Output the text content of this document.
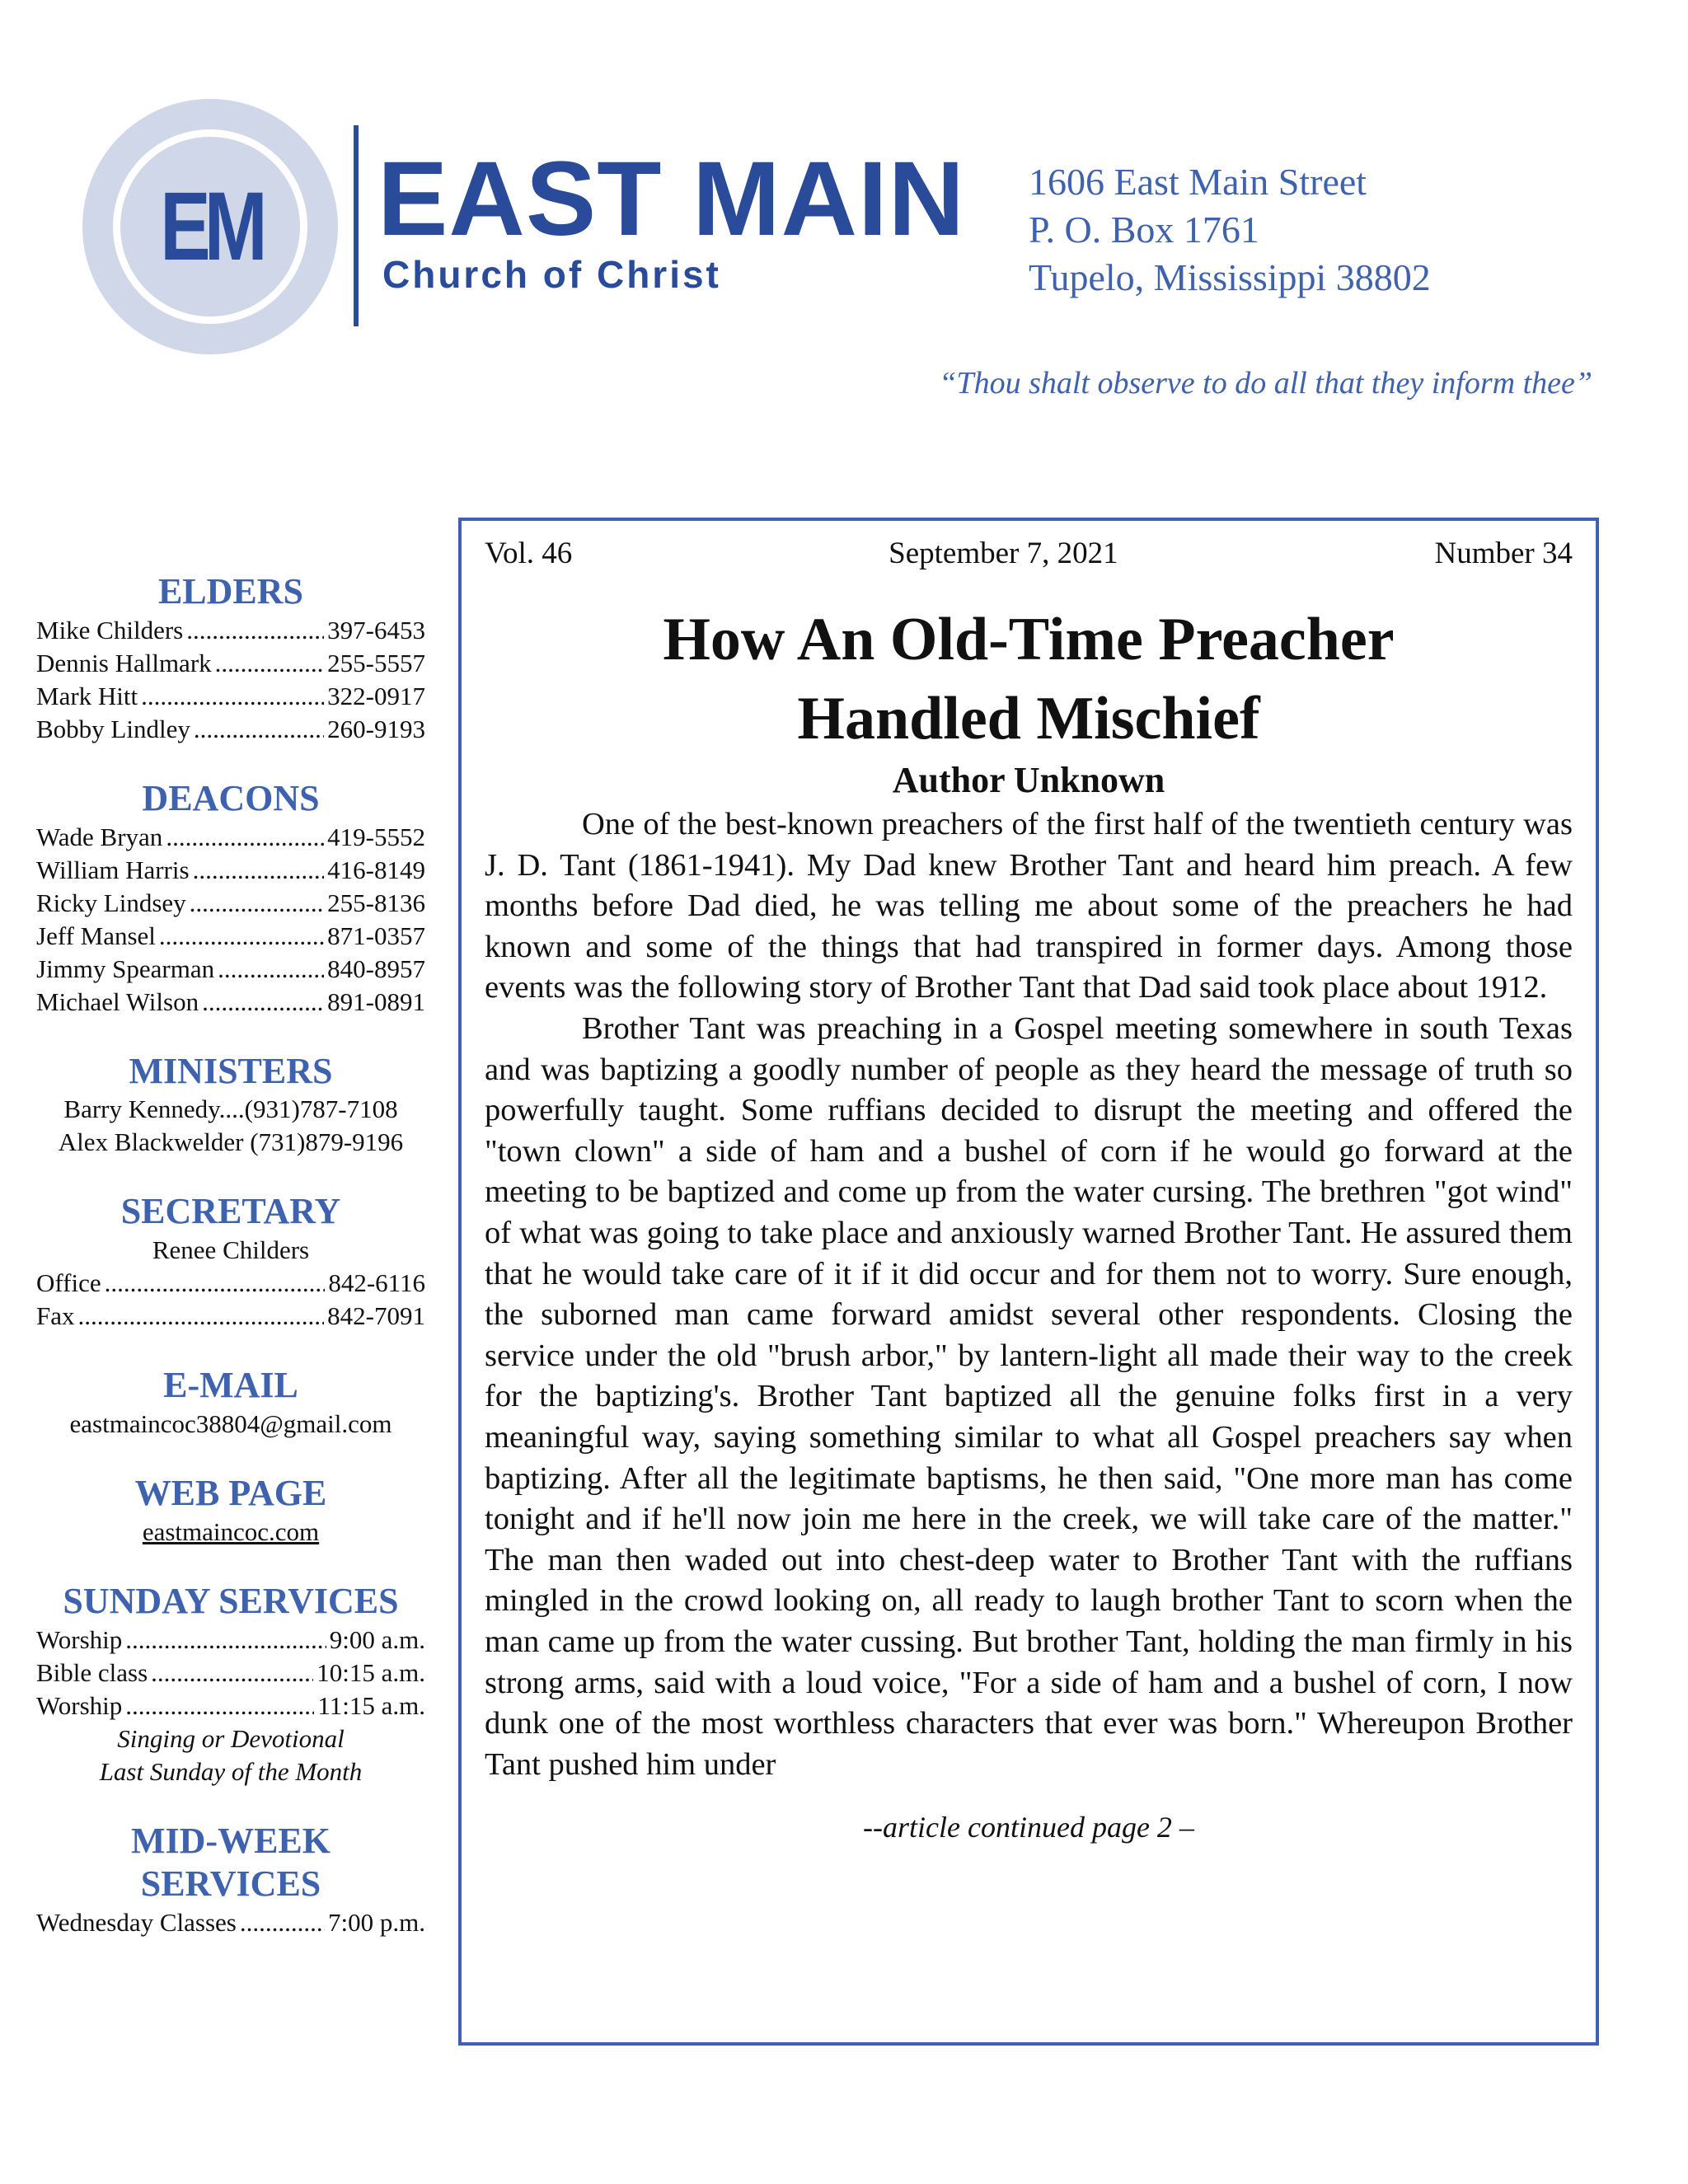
EM EAST MAIN
Church of Christ
1606 East Main Street
P. O. Box 1761
Tupelo, Mississippi 38802
“Thou shalt observe to do all that they inform thee”
ELDERS
Mike Childers .....	397-6453
Dennis Hallmark .....	255-5557
Mark Hitt .....	322-0917
Bobby Lindley .....	260-9193
DEACONS
Wade Bryan .....	419-5552
William Harris .....	416-8149
Ricky Lindsey .....	255-8136
Jeff Mansel .....	871-0357
Jimmy Spearman .....	840-8957
Michael Wilson .....	891-0891
MINISTERS
Barry Kennedy....(931)787-7108
Alex Blackwelder (731)879-9196
SECRETARY
Renee Childers
Office .....	842-6116
Fax .....	842-7091
E-MAIL
eastmaincoc38804@gmail.com
WEB PAGE
eastmaincoc.com
SUNDAY SERVICES
Worship .....	9:00 a.m.
Bible class .....	10:15 a.m.
Worship .....	11:15 a.m.
Singing or Devotional
Last Sunday of the Month
MID-WEEK
SERVICES
Wednesday Classes .....	7:00 p.m.
Vol. 46	September 7, 2021	Number 34
How An Old-Time Preacher
Handled Mischief
Author Unknown

One of the best-known preachers of the first half of the twentieth century was J. D. Tant (1861-1941). My Dad knew Brother Tant and heard him preach. A few months before Dad died, he was telling me about some of the preachers he had known and some of the things that had transpired in former days. Among those events was the following story of Brother Tant that Dad said took place about 1912.

Brother Tant was preaching in a Gospel meeting somewhere in south Texas and was baptizing a goodly number of people as they heard the message of truth so powerfully taught. Some ruffians decided to disrupt the meeting and offered the "town clown" a side of ham and a bushel of corn if he would go forward at the meeting to be baptized and come up from the water cursing. The brethren "got wind" of what was going to take place and anxiously warned Brother Tant. He assured them that he would take care of it if it did occur and for them not to worry. Sure enough, the suborned man came forward amidst several other respondents. Closing the service under the old "brush arbor," by lantern-light all made their way to the creek for the baptizing's. Brother Tant baptized all the genuine folks first in a very meaningful way, saying something similar to what all Gospel preachers say when baptizing. After all the legitimate baptisms, he then said, "One more man has come tonight and if he'll now join me here in the creek, we will take care of the matter." The man then waded out into chest-deep water to Brother Tant with the ruffians mingled in the crowd looking on, all ready to laugh brother Tant to scorn when the man came up from the water cussing. But brother Tant, holding the man firmly in his strong arms, said with a loud voice, "For a side of ham and a bushel of corn, I now dunk one of the most worthless characters that ever was born." Whereupon Brother Tant pushed him under

--article continued page 2 –
